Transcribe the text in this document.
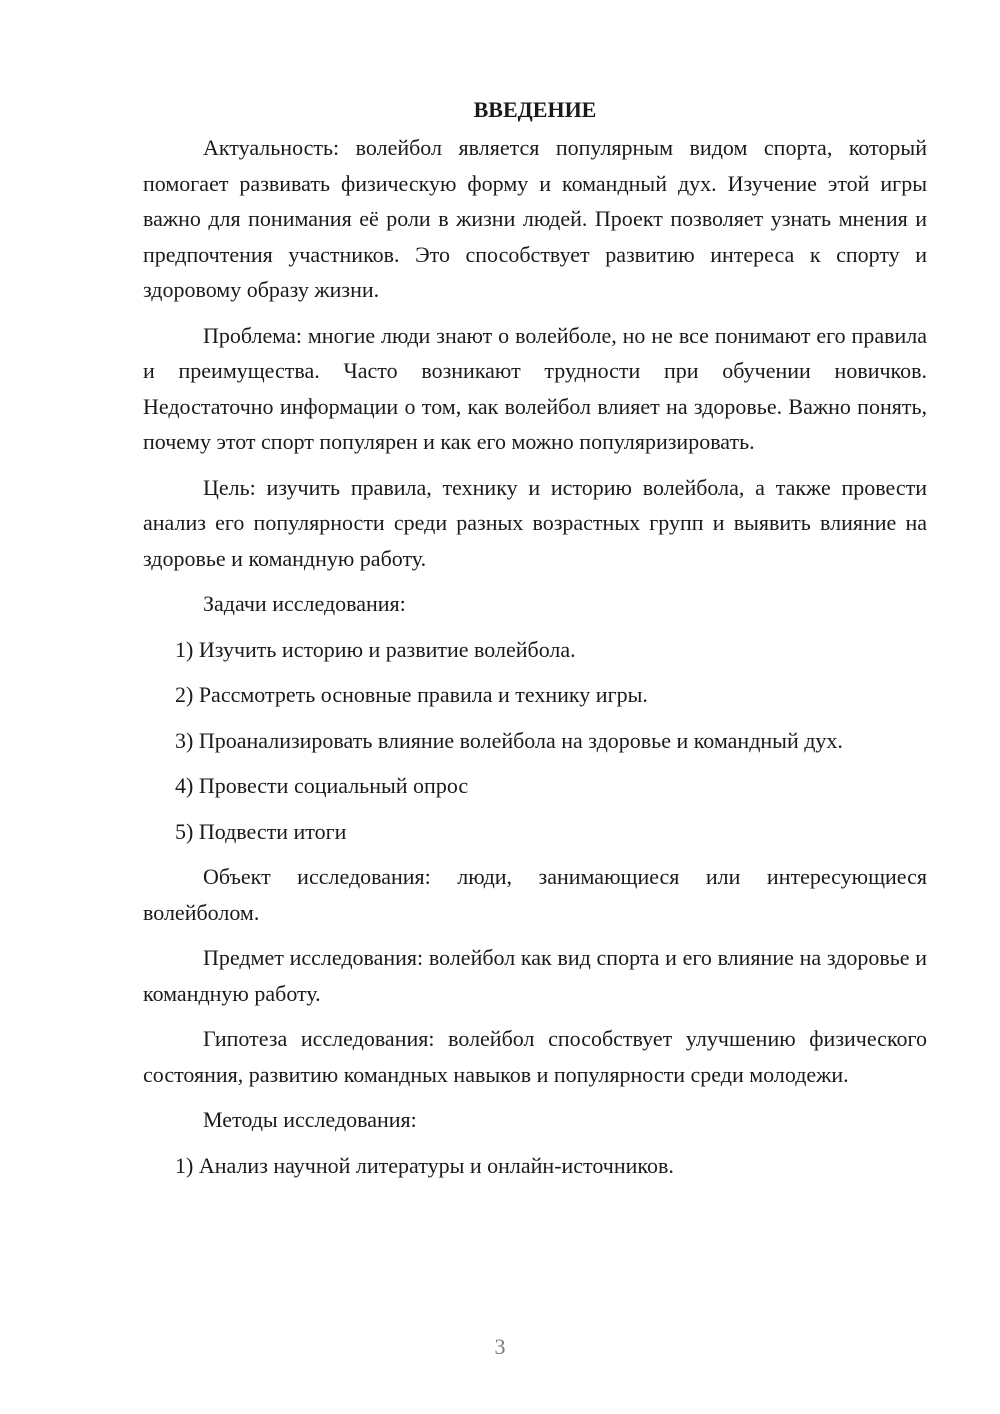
ВВЕДЕНИЕ

Актуальность: волейбол является популярным видом спорта, который помогает развивать физическую форму и командный дух. Изучение этой игры важно для понимания её роли в жизни людей. Проект позволяет узнать мнения и предпочтения участников. Это способствует развитию интереса к спорту и здоровому образу жизни.

Проблема: многие люди знают о волейболе, но не все понимают его правила и преимущества. Часто возникают трудности при обучении новичков. Недостаточно информации о том, как волейбол влияет на здоровье. Важно понять, почему этот спорт популярен и как его можно популяризировать.

Цель: изучить правила, технику и историю волейбола, а также провести анализ его популярности среди разных возрастных групп и выявить влияние на здоровье и командную работу.

Задачи исследования:

1) Изучить историю и развитие волейбола.

2) Рассмотреть основные правила и технику игры.

3) Проанализировать влияние волейбола на здоровье и командный дух.

4) Провести социальный опрос

5) Подвести итоги

Объект исследования: люди, занимающиеся или интересующиеся волейболом.

Предмет исследования: волейбол как вид спорта и его влияние на здоровье и командную работу.

Гипотеза исследования: волейбол способствует улучшению физического состояния, развитию командных навыков и популярности среди молодежи.

Методы исследования:

1) Анализ научной литературы и онлайн-источников.

3
